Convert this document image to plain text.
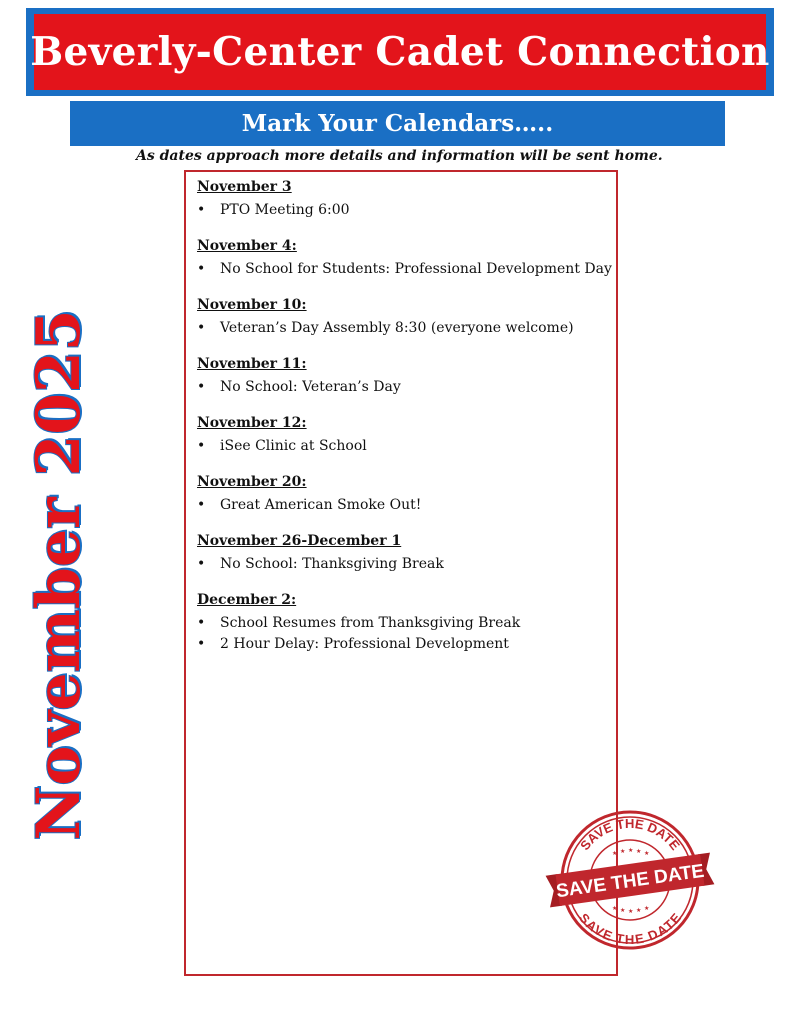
Beverly-Center Cadet Connection
Mark Your Calendars…..
As dates approach more details and information will be sent home.
November 2025
November 3
• PTO Meeting 6:00
November 4:
• No School for Students: Professional Development Day
November 10:
• Veteran’s Day Assembly 8:30 (everyone welcome)
November 11:
• No School: Veteran’s Day
November 12:
• iSee Clinic at School
November 20:
• Great American Smoke Out!
November 26-December 1
• No School: Thanksgiving Break
December 2:
• School Resumes from Thanksgiving Break
• 2 Hour Delay: Professional Development
SAVE THE DATE
SAVE THE DATE
★ ★ ★ ★ ★
★ ★ ★ ★ ★
SAVE THE DATE
